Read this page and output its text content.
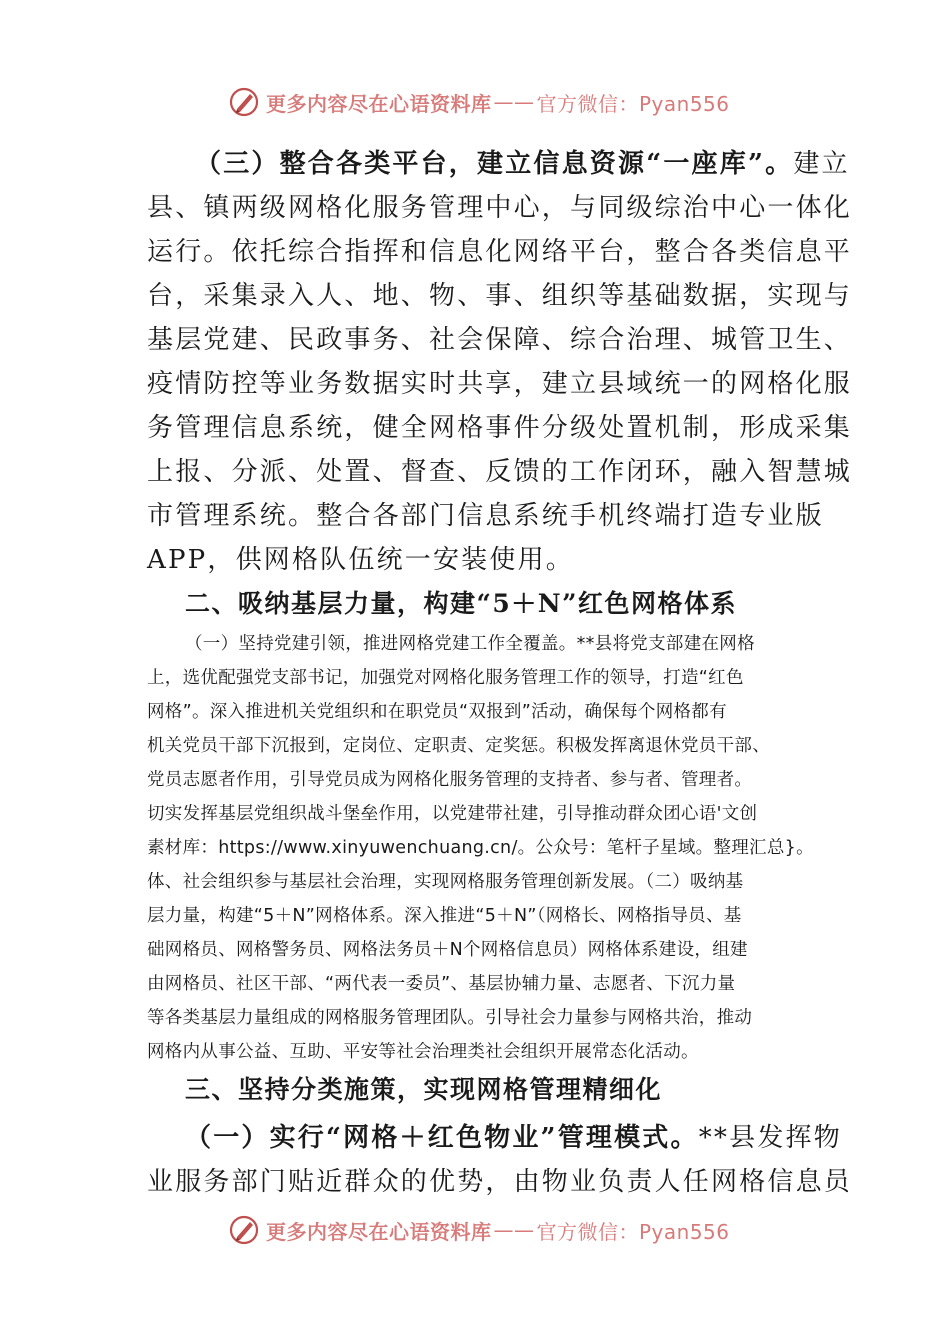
更多内容尽在心语资料库 —— 官方微信：Pyan556
（三）整合各类平台，建立信息资源“一座库”。建立
县、镇两级网格化服务管理中心，与同级综治中心一体化
运行。依托综合指挥和信息化网络平台，整合各类信息平
台，采集录入人、地、物、事、组织等基础数据，实现与
基层党建、民政事务、社会保障、综合治理、城管卫生、
疫情防控等业务数据实时共享，建立县域统一的网格化服
务管理信息系统，健全网格事件分级处置机制，形成采集
上报、分派、处置、督查、反馈的工作闭环，融入智慧城
市管理系统。整合各部门信息系统手机终端打造专业版
APP，供网格队伍统一安装使用。
二、吸纳基层力量，构建“5＋N”红色网格体系
（一）坚持党建引领，推进网格党建工作全覆盖。**县将党支部建在网格
上，选优配强党支部书记，加强党对网格化服务管理工作的领导，打造“红色
网格”。深入推进机关党组织和在职党员“双报到”活动，确保每个网格都有
机关党员干部下沉报到，定岗位、定职责、定奖惩。积极发挥离退休党员干部、
党员志愿者作用，引导党员成为网格化服务管理的支持者、参与者、管理者。
切实发挥基层党组织战斗堡垒作用，以党建带社建，引导推动群众团心语'文创
素材库：https://www.xinyuwenchuang.cn/。公众号：笔杆子星域。整理汇总}。
体、社会组织参与基层社会治理，实现网格服务管理创新发展。（二）吸纳基
层力量，构建“5＋N”网格体系。深入推进“5＋N”（网格长、网格指导员、基
础网格员、网格警务员、网格法务员＋N个网格信息员）网格体系建设，组建
由网格员、社区干部、“两代表一委员”、基层协辅力量、志愿者、下沉力量
等各类基层力量组成的网格服务管理团队。引导社会力量参与网格共治，推动
网格内从事公益、互助、平安等社会治理类社会组织开展常态化活动。
三、坚持分类施策，实现网格管理精细化
（一）实行“网格＋红色物业”管理模式。**县发挥物
业服务部门贴近群众的优势，由物业负责人任网格信息员
更多内容尽在心语资料库 —— 官方微信：Pyan556
